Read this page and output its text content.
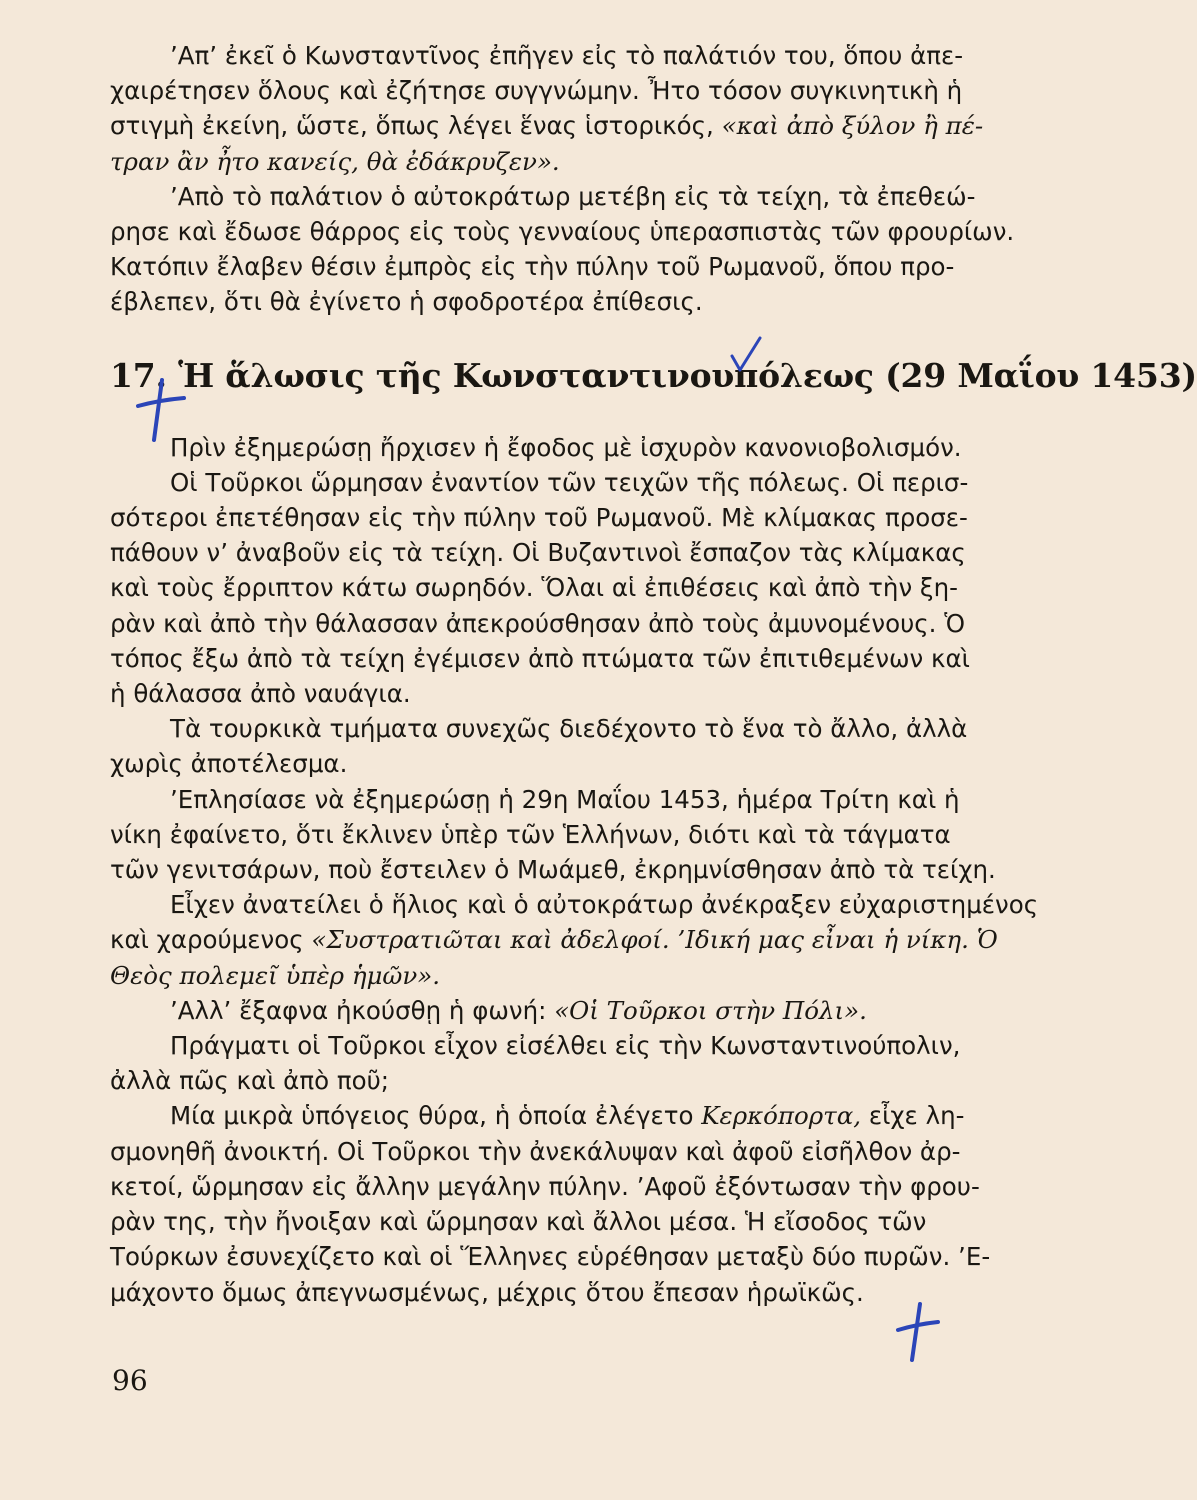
’Απ’ ἐκεῖ ὁ Κωνσταντῖνος ἐπῆγεν εἰς τὸ παλάτιόν του, ὅπου ἀπε-
χαιρέτησεν ὅλους καὶ ἐζήτησε συγγνώμην. Ἦτο τόσον συγκινητικὴ ἡ
στιγμὴ ἐκείνη, ὥστε, ὅπως λέγει ἕνας ἱστορικός, «καὶ ἀπὸ ξύλον ἢ πέ-
τραν ἂν ἦτο κανείς, θὰ ἐδάκρυζεν».

’Απὸ τὸ παλάτιον ὁ αὐτοκράτωρ μετέβη εἰς τὰ τείχη, τὰ ἐπεθεώ-
ρησε καὶ ἔδωσε θάρρος εἰς τοὺς γενναίους ὑπερασπιστὰς τῶν φρουρίων.
Κατόπιν ἔλαβεν θέσιν ἐμπρὸς εἰς τὴν πύλην τοῦ Ρωμανοῦ, ὅπου προ-
έβλεπεν, ὅτι θὰ ἐγίνετο ἡ σφοδροτέρα ἐπίθεσις.

17. Ἡ ἅλωσις τῆς Κωνσταντινουπόλεως (29 Μαΐου 1453)

Πρὶν ἐξημερώσῃ ἤρχισεν ἡ ἔφοδος μὲ ἰσχυρὸν κανονιοβολισμόν.

Οἱ Τοῦρκοι ὥρμησαν ἐναντίον τῶν τειχῶν τῆς πόλεως. Οἱ περισ-
σότεροι ἐπετέθησαν εἰς τὴν πύλην τοῦ Ρωμανοῦ. Μὲ κλίμακας προσε-
πάθουν ν’ ἀναβοῦν εἰς τὰ τείχη. Οἱ Βυζαντινοὶ ἔσπαζον τὰς κλίμακας
καὶ τοὺς ἔρριπτον κάτω σωρηδόν. Ὅλαι αἱ ἐπιθέσεις καὶ ἀπὸ τὴν ξη-
ρὰν καὶ ἀπὸ τὴν θάλασσαν ἀπεκρούσθησαν ἀπὸ τοὺς ἀμυνομένους. Ὁ
τόπος ἔξω ἀπὸ τὰ τείχη ἐγέμισεν ἀπὸ πτώματα τῶν ἐπιτιθεμένων καὶ
ἡ θάλασσα ἀπὸ ναυάγια.

Τὰ τουρκικὰ τμήματα συνεχῶς διεδέχοντο τὸ ἕνα τὸ ἄλλο, ἀλλὰ
χωρὶς ἀποτέλεσμα.

’Επλησίασε νὰ ἐξημερώσῃ ἡ 29η Μαΐου 1453, ἡμέρα Τρίτη καὶ ἡ
νίκη ἐφαίνετο, ὅτι ἔκλινεν ὑπὲρ τῶν Ἑλλήνων, διότι καὶ τὰ τάγματα
τῶν γενιτσάρων, ποὺ ἔστειλεν ὁ Μωάμεθ, ἐκρημνίσθησαν ἀπὸ τὰ τείχη.

Εἶχεν ἀνατείλει ὁ ἥλιος καὶ ὁ αὐτοκράτωρ ἀνέκραξεν εὐχαριστημένος
καὶ χαρούμενος «Συστρατιῶται καὶ ἀδελφοί. ’Ιδική μας εἶναι ἡ νίκη. Ὁ
Θεὸς πολεμεῖ ὑπὲρ ἡμῶν».

’Αλλ’ ἔξαφνα ἠκούσθῃ ἡ φωνή: «Οἱ Τοῦρκοι στὴν Πόλι».

Πράγματι οἱ Τοῦρκοι εἶχον εἰσέλθει εἰς τὴν Κωνσταντινούπολιν,
ἀλλὰ πῶς καὶ ἀπὸ ποῦ;

Μία μικρὰ ὑπόγειος θύρα, ἡ ὁποία ἐλέγετο Κερκόπορτα, εἶχε λη-
σμονηθῆ ἀνοικτή. Οἱ Τοῦρκοι τὴν ἀνεκάλυψαν καὶ ἀφοῦ εἰσῆλθον ἀρ-
κετοί, ὥρμησαν εἰς ἄλλην μεγάλην πύλην. ’Αφοῦ ἐξόντωσαν τὴν φρου-
ρὰν της, τὴν ἤνοιξαν καὶ ὥρμησαν καὶ ἄλλοι μέσα. Ἡ εἴσοδος τῶν
Τούρκων ἐσυνεχίζετο καὶ οἱ Ἕλληνες εὑρέθησαν μεταξὺ δύο πυρῶν. ’Ε-
μάχοντο ὅμως ἀπεγνωσμένως, μέχρις ὅτου ἔπεσαν ἡρωϊκῶς.

96
